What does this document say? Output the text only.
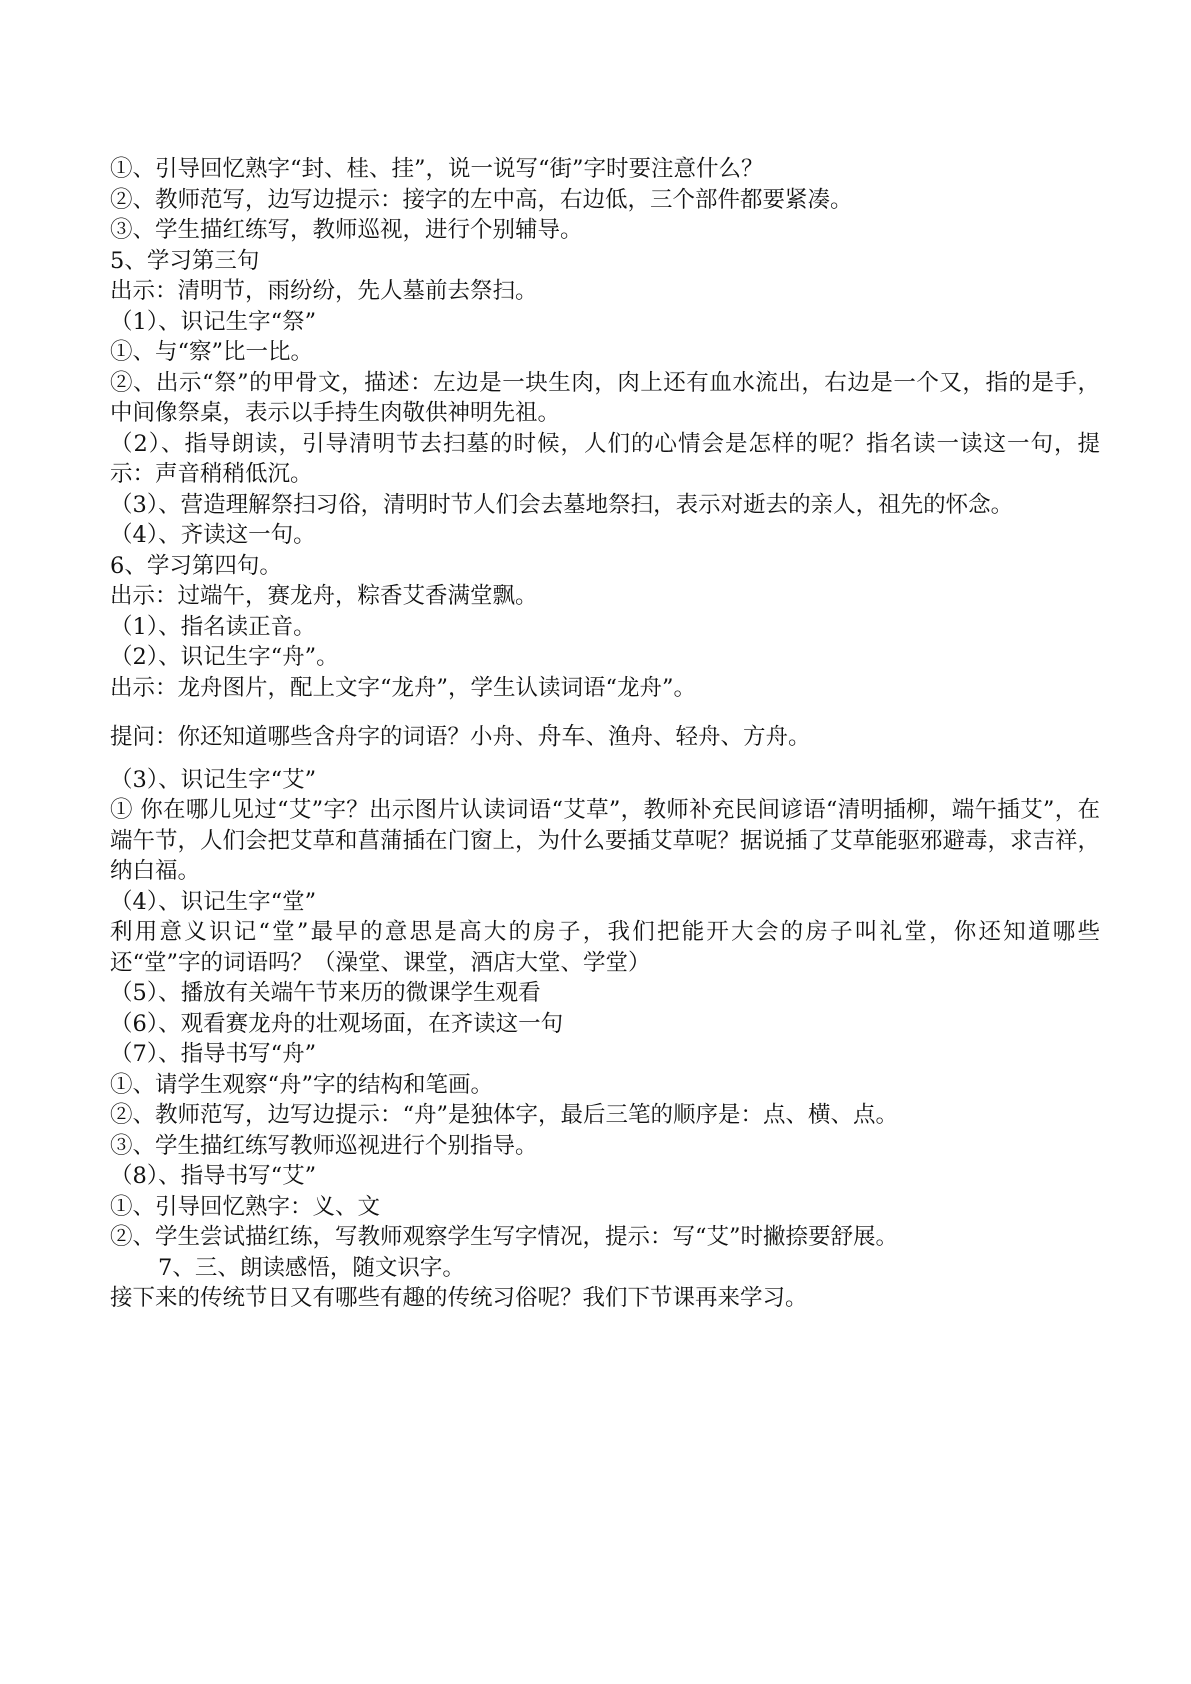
①、引导回忆熟字“封、桂、挂”，说一说写“街”字时要注意什么？

②、教师范写，边写边提示：接字的左中高，右边低，三个部件都要紧凑。

③、学生描红练写，教师巡视，进行个别辅导。

5、学习第三句

出示：清明节，雨纷纷，先人墓前去祭扫。

（1）、识记生字“祭”

①、与“察”比一比。

②、出示“祭”的甲骨文，描述：左边是一块生肉，肉上还有血水流出，右边是一个又，指的是手，中间像祭桌，表示以手持生肉敬供神明先祖。

（2）、指导朗读，引导清明节去扫墓的时候，人们的心情会是怎样的呢？指名读一读这一句，提示：声音稍稍低沉。

（3）、营造理解祭扫习俗，清明时节人们会去墓地祭扫，表示对逝去的亲人，祖先的怀念。

（4）、齐读这一句。

6、学习第四句。

出示：过端午，赛龙舟，粽香艾香满堂飘。

（1）、指名读正音。

（2）、识记生字“舟”。

出示：龙舟图片，配上文字“龙舟”，学生认读词语“龙舟”。

提问：你还知道哪些含舟字的词语？小舟、舟车、渔舟、轻舟、方舟。

（3）、识记生字“艾”

① 你在哪儿见过“艾”字？出示图片认读词语“艾草”，教师补充民间谚语“清明插柳，端午插艾”，在端午节，人们会把艾草和菖蒲插在门窗上，为什么要插艾草呢？据说插了艾草能驱邪避毒，求吉祥，纳白福。

（4）、识记生字“堂”

利用意义识记“堂”最早的意思是高大的房子，我们把能开大会的房子叫礼堂，你还知道哪些还“堂”字的词语吗？（澡堂、课堂，酒店大堂、学堂）

（5）、播放有关端午节来历的微课学生观看

（6）、观看赛龙舟的壮观场面，在齐读这一句

（7）、指导书写“舟”

①、请学生观察“舟”字的结构和笔画。

②、教师范写，边写边提示：“舟”是独体字，最后三笔的顺序是：点、横、点。

③、学生描红练写教师巡视进行个别指导。

（8）、指导书写“艾”

①、引导回忆熟字：义、文

②、学生尝试描红练，写教师观察学生写字情况，提示：写“艾”时撇捺要舒展。

7、三、朗读感悟，随文识字。

接下来的传统节日又有哪些有趣的传统习俗呢？我们下节课再来学习。
